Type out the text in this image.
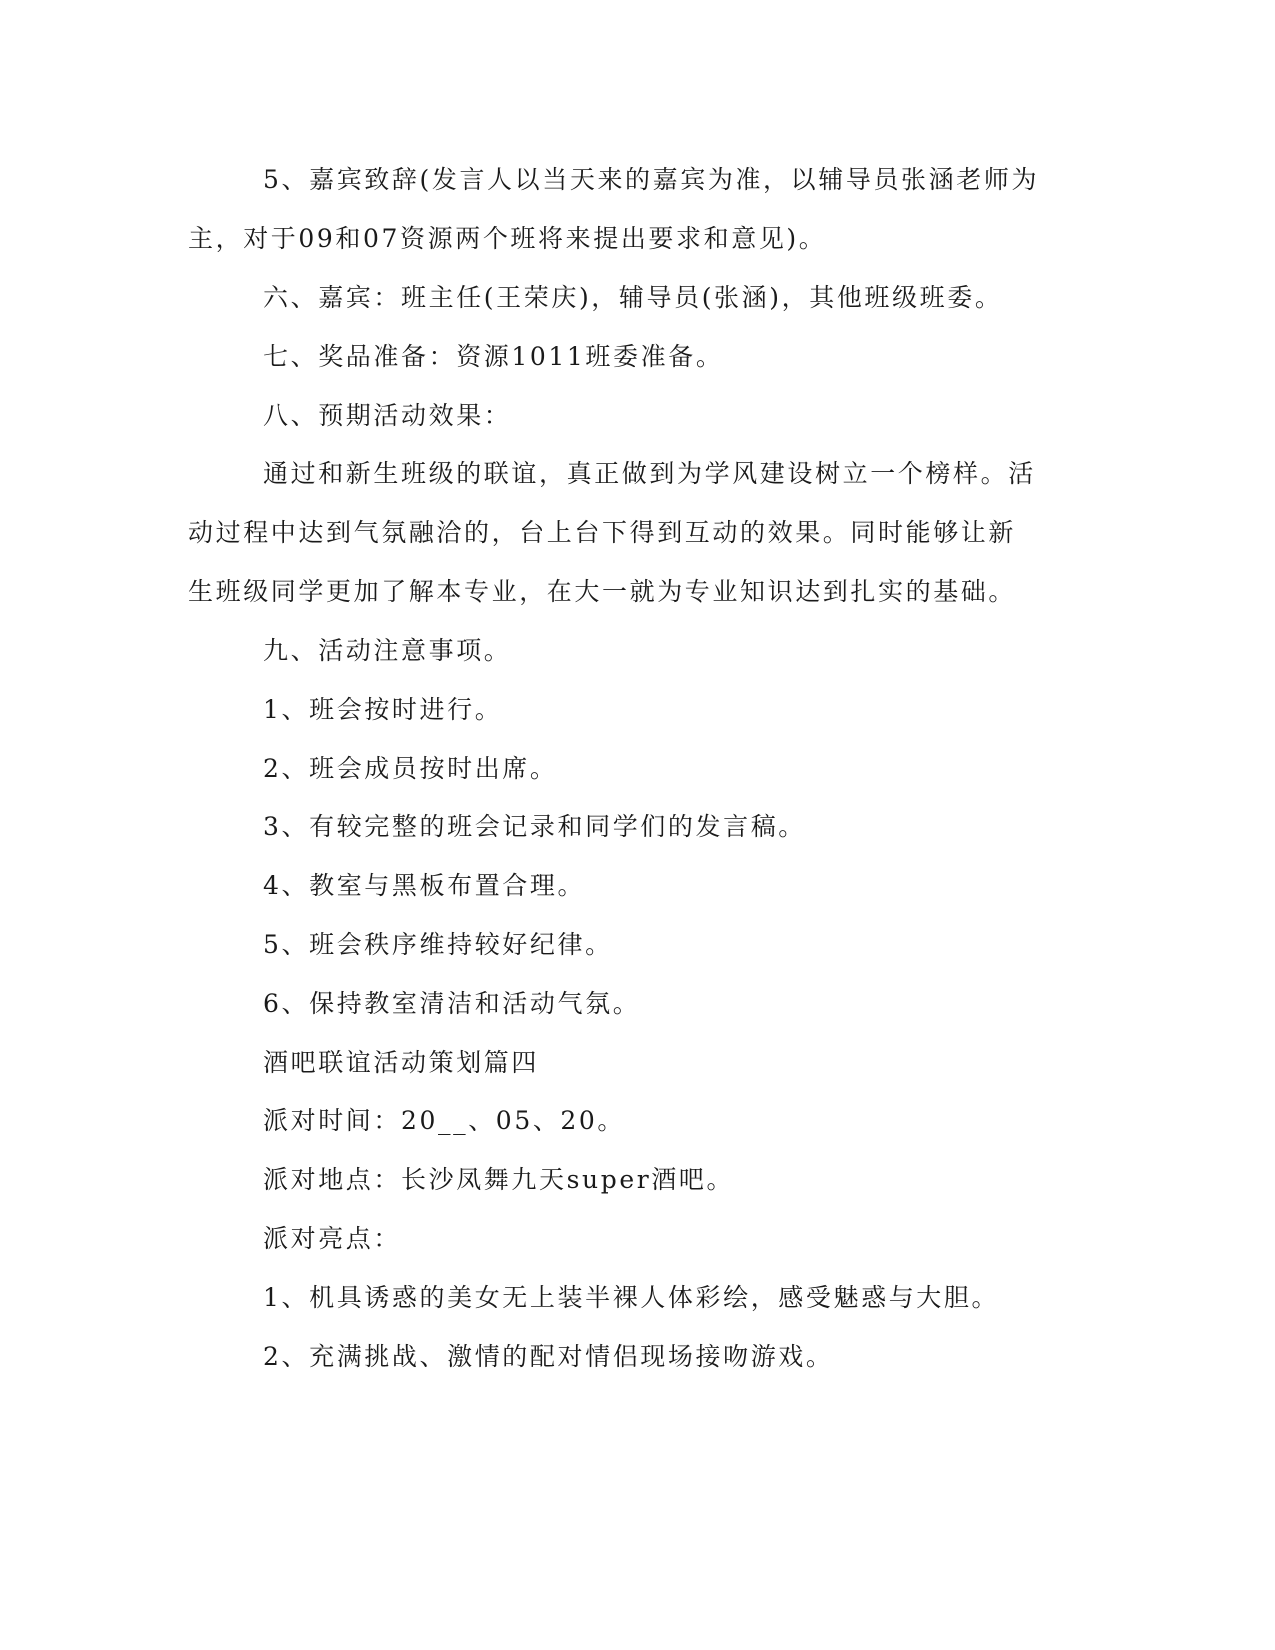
5、嘉宾致辞(发言人以当天来的嘉宾为准，以辅导员张涵老师为

主，对于09和07资源两个班将来提出要求和意见)。

六、嘉宾：班主任(王荣庆)，辅导员(张涵)，其他班级班委。

七、奖品准备：资源1011班委准备。

八、预期活动效果：

通过和新生班级的联谊，真正做到为学风建设树立一个榜样。活

动过程中达到气氛融洽的，台上台下得到互动的效果。同时能够让新

生班级同学更加了解本专业，在大一就为专业知识达到扎实的基础。

九、活动注意事项。

1、班会按时进行。

2、班会成员按时出席。

3、有较完整的班会记录和同学们的发言稿。

4、教室与黑板布置合理。

5、班会秩序维持较好纪律。

6、保持教室清洁和活动气氛。

酒吧联谊活动策划篇四

派对时间：20__、05、20。

派对地点：长沙凤舞九天super酒吧。

派对亮点：

1、机具诱惑的美女无上装半裸人体彩绘，感受魅惑与大胆。

2、充满挑战、激情的配对情侣现场接吻游戏。
